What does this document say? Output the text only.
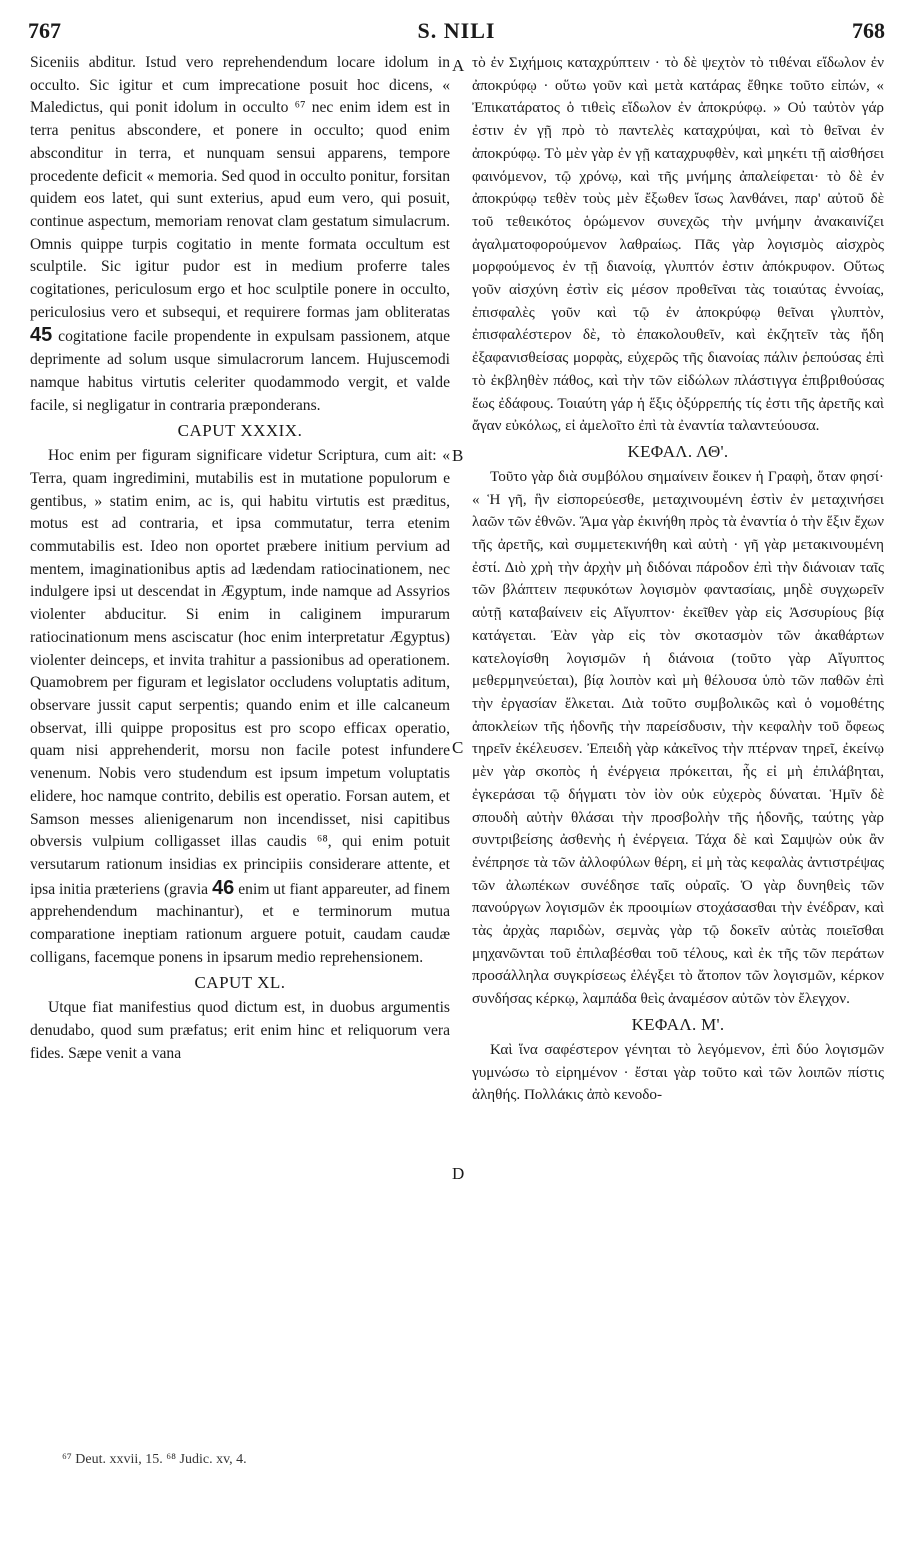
767	S. NILI	768

Siceniis abditur. Istud vero reprehendendum locare idolum in occulto. Sic igitur et cum imprecatione posuit hoc dicens, « Maledictus, qui ponit idolum in occulto ⁶⁷ nec enim idem est in terra penitus abscondere, et ponere in occulto; quod enim absconditur in terra, et nunquam sensui apparens, tempore procedente deficit « memoria. Sed quod in occulto ponitur, forsitan quidem eos latet, qui sunt exterius, apud eum vero, qui posuit, continue aspectum, memoriam renovat clam gestatum simulacrum. Omnis quippe turpis cogitatio in mente formata occultum est sculptile. Sic igitur pudor est in medium proferre tales cogitationes, periculosum ergo et hoc sculptile ponere in occulto, periculosius vero et subsequi, et requirere formas jam obliteratas 45 cogitatione facile propendente in expulsam passionem, atque deprimente ad solum usque simulacrorum lancem. Hujuscemodi namque habitus virtutis celeriter quodammodo vergit, et valde facile, si negligatur in contraria præponderans.

CAPUT XXXIX.

Hoc enim per figuram significare videtur Scriptura, cum ait: « Terra, quam ingredimini, mutabilis est in mutatione populorum e gentibus, » statim enim, ac is, qui habitu virtutis est præditus, motus est ad contraria, et ipsa commutatur, terra etenim commutabilis est. Ideo non oportet præbere initium pervium ad mentem, imaginationibus aptis ad lædendam ratiocinationem, nec indulgere ipsi ut descendat in Ægyptum, inde namque ad Assyrios violenter abducitur. Si enim in caliginem impurarum ratiocinationum mens asciscatur (hoc enim interpretatur Ægyptus) violenter deinceps, et invita trahitur a passionibus ad operationem. Quamobrem per figuram et legislator occludens voluptatis aditum, observare jussit caput serpentis; quando enim et ille calcaneum observat, illi quippe propositus est pro scopo efficax operatio, quam nisi apprehenderit, morsu non facile potest infundere venenum. Nobis vero studendum est ipsum impetum voluptatis elidere, hoc namque contrito, debilis est operatio. Forsan autem, et Samson messes alienigenarum non incendisset, nisi capitibus obversis vulpium colligasset illas caudis ⁶⁸, qui enim potuit versutarum rationum insidias ex principiis considerare attente, et ipsa initia præteriens (gravia 46 enim ut fiant appareuter, ad finem apprehendendum machinantur), et e terminorum mutua comparatione ineptiam rationum arguere potuit, caudam caudæ colligans, facemque ponens in ipsarum medio reprehensionem.

CAPUT XL.

Utque fiat manifestius quod dictum est, in duobus argumentis denudabo, quod sum præfatus; erit enim hinc et reliquorum vera fides. Sæpe venit a vana

A
B
C
D

τὸ ἐν Σιχήμοις καταχρύπτειν · τὸ δὲ ψεχτὸν τὸ τιθέναι εἴδωλον ἐν ἀποκρύφῳ · οὕτω γοῦν καὶ μετὰ κατάρας ἔθηκε τοῦτο εἰπών, « Ἐπικατάρατος ὁ τιθεὶς εἴδωλον ἐν ἀποκρύφῳ. » Οὐ ταὐτὸν γάρ ἐστιν ἐν γῇ πρὸ τὸ παντελὲς καταχρύψαι, καὶ τὸ θεῖναι ἐν ἀποκρύφῳ. Τὸ μὲν γὰρ ἐν γῇ καταχρυφθὲν, καὶ μηκέτι τῇ αἰσθήσει φαινόμενον, τῷ χρόνῳ, καὶ τῆς μνήμης ἀπαλείφεται· τὸ δὲ ἐν ἀποκρύφῳ τεθὲν τοὺς μὲν ἔξωθεν ἴσως λανθάνει, παρ' αὐτοῦ δὲ τοῦ τεθεικότος ὁρώμενον συνεχῶς τὴν μνήμην ἀνακαινίζει ἀγαλματοφορούμενον λαθραίως. Πᾶς γὰρ λογισμὸς αἰσχρὸς μορφούμενος ἐν τῇ διανοίᾳ, γλυπτόν ἐστιν ἀπόκρυφον. Οὕτως γοῦν αἰσχύνη ἐστὶν εἰς μέσον προθεῖναι τὰς τοιαύτας ἐννοίας, ἐπισφαλὲς γοῦν καὶ τῷ ἐν ἀποκρύφῳ θεῖναι γλυπτὸν, ἐπισφαλέστερον δὲ, τὸ ἐπακολουθεῖν, καὶ ἐκζητεῖν τὰς ἤδη ἐξαφανισθείσας μορφὰς, εὐχερῶς τῆς διανοίας πάλιν ῥεπούσας ἐπὶ τὸ ἐκβληθὲν πάθος, καὶ τὴν τῶν εἰδώλων πλάστιγγα ἐπιβριθούσας ἕως ἐδάφους. Τοιαύτη γάρ ἡ ἕξις ὀξύρρεπής τίς ἐστι τῆς ἀρετῆς καὶ ἄγαν εὐκόλως, εἰ ἀμελοῖτο ἐπὶ τὰ ἐναντία ταλαντεύουσα.

ΚΕΦΑΛ. ΛΘ'.

Τοῦτο γὰρ διὰ συμβόλου σημαίνειν ἔοικεν ἡ Γραφὴ, ὅταν φησί· « Ἡ γῆ, ἣν εἰσπορεύεσθε, μεταχινουμένη ἐστὶν ἐν μεταχινήσει λαῶν τῶν ἐθνῶν. Ἅμα γὰρ ἐκινήθη πρὸς τὰ ἐναντία ὁ τὴν ἕξιν ἔχων τῆς ἀρετῆς, καὶ συμμετεκινήθη καὶ αὐτὴ · γῆ γὰρ μετακινουμένη ἐστί. Διὸ χρὴ τὴν ἀρχὴν μὴ διδόναι πάροδον ἐπὶ τὴν διάνοιαν ταῖς τῶν βλάπτειν πεφυκότων λογισμὸν φαντασίαις, μηδὲ συγχωρεῖν αὐτῇ καταβαίνειν εἰς Αἴγυπτον· ἐκεῖθεν γὰρ εἰς Ἀσσυρίους βίᾳ κατάγεται. Ἐὰν γὰρ εἰς τὸν σκοτασμὸν τῶν ἀκαθάρτων κατελογίσθη λογισμῶν ἡ διάνοια (τοῦτο γὰρ Αἴγυπτος μεθερμηνεύεται), βίᾳ λοιπὸν καὶ μὴ θέλουσα ὑπὸ τῶν παθῶν ἐπὶ τὴν ἐργασίαν ἕλκεται. Διὰ τοῦτο συμβολικῶς καὶ ὁ νομοθέτης ἀποκλείων τῆς ἡδονῆς τὴν παρείσδυσιν, τὴν κεφαλὴν τοῦ ὄφεως τηρεῖν ἐκέλευσεν. Ἐπειδὴ γὰρ κἀκεῖνος τὴν πτέρναν τηρεῖ, ἐκείνῳ μὲν γὰρ σκοπὸς ἡ ἐνέργεια πρόκειται, ἧς εἰ μὴ ἐπιλάβηται, ἐγκεράσαι τῷ δήγματι τὸν ἰὸν οὐκ εὐχερὸς δύναται. Ἡμῖν δὲ σπουδὴ αὐτὴν θλάσαι τὴν προσβολὴν τῆς ἡδονῆς, ταύτης γὰρ συντριβείσης ἀσθενὴς ἡ ἐνέργεια. Τάχα δὲ καὶ Σαμψὼν οὐκ ἂν ἐνέπρησε τὰ τῶν ἀλλοφύλων θέρη, εἰ μὴ τὰς κεφαλὰς ἀντιστρέψας τῶν ἀλωπέκων συνέδησε ταῖς οὐραῖς. Ὁ γὰρ δυνηθεὶς τῶν πανούργων λογισμῶν ἐκ προοιμίων στοχάσασθαι τὴν ἐνέδραν, καὶ τὰς ἀρχὰς παριδὼν, σεμνὰς γὰρ τῷ δοκεῖν αὐτὰς ποιεῖσθαι μηχανῶνται τοῦ ἐπιλαβέσθαι τοῦ τέλους, καὶ ἐκ τῆς τῶν περάτων προσάλληλα συγκρίσεως ἐλέγξει τὸ ἄτοπον τῶν λογισμῶν, κέρκον συνδήσας κέρκῳ, λαμπάδα θεὶς ἀναμέσον αὐτῶν τὸν ἔλεγχον.

ΚΕΦΑΛ. Μ'.

Καὶ ἵνα σαφέστερον γένηται τὸ λεγόμενον, ἐπὶ δύο λογισμῶν γυμνώσω τὸ εἰρημένον · ἔσται γὰρ τοῦτο καὶ τῶν λοιπῶν πίστις ἀληθής. Πολλάκις ἀπὸ κενοδο-

⁶⁷ Deut. xxvii, 15. ⁶⁸ Judic. xv, 4.
